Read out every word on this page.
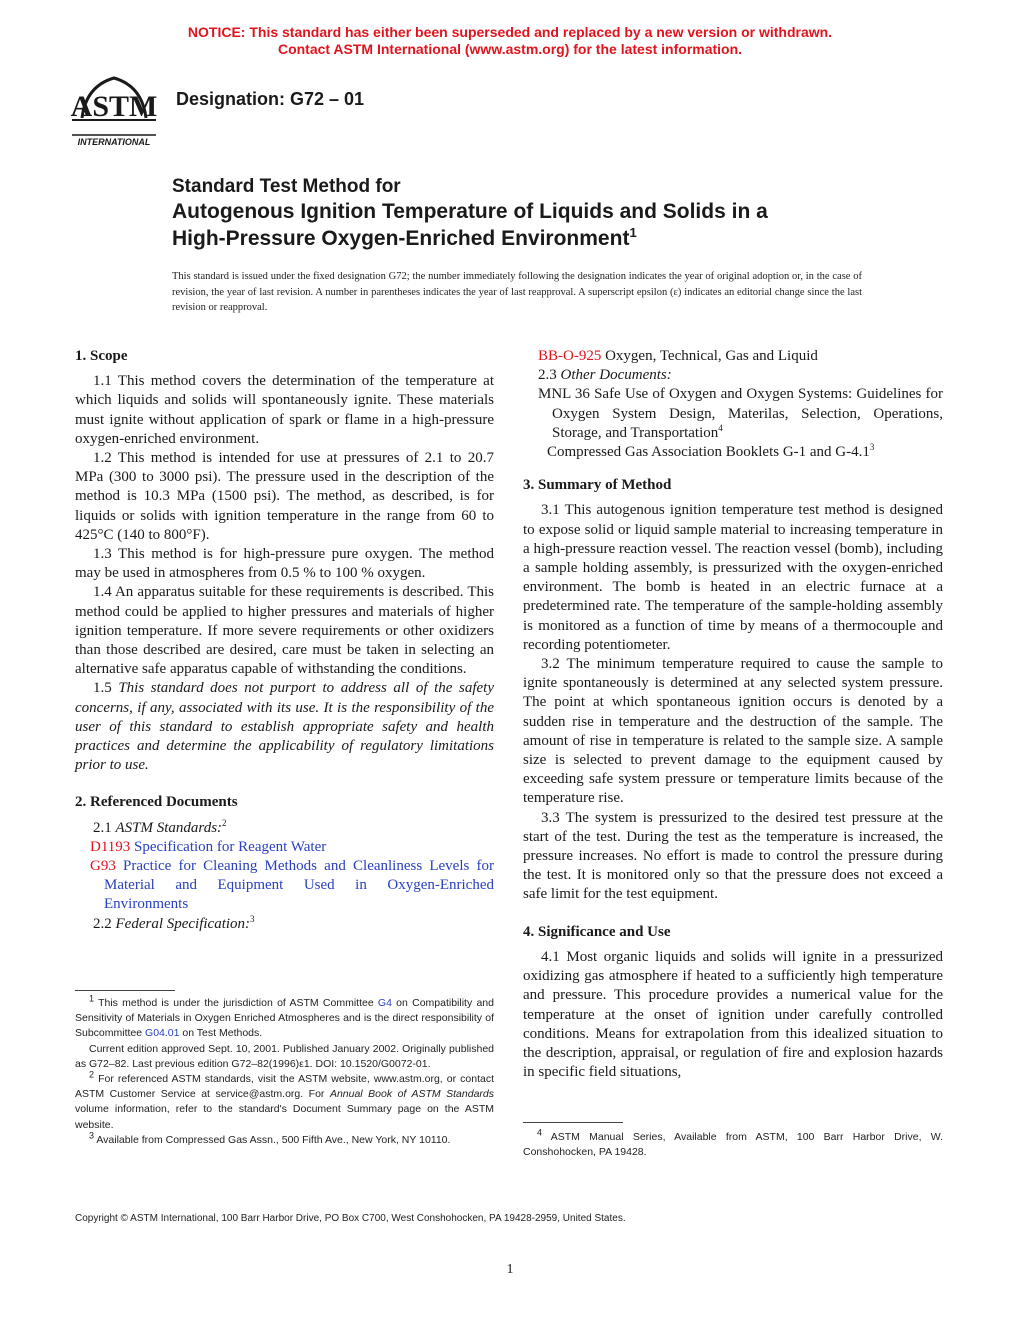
NOTICE: This standard has either been superseded and replaced by a new version or withdrawn.
Contact ASTM International (www.astm.org) for the latest information.
ASTM
INTERNATIONAL
Designation: G72 – 01
Standard Test Method for
Autogenous Ignition Temperature of Liquids and Solids in a
High-Pressure Oxygen-Enriched Environment$^1$
This standard is issued under the fixed designation G72; the number immediately following the designation indicates the year of original adoption or, in the case of revision, the year of last revision. A number in parentheses indicates the year of last reapproval. A superscript epsilon (ε) indicates an editorial change since the last revision or reapproval.

1. Scope

1.1 This method covers the determination of the temperature at which liquids and solids will spontaneously ignite. These materials must ignite without application of spark or flame in a high-pressure oxygen-enriched environment.

1.2 This method is intended for use at pressures of 2.1 to 20.7 MPa (300 to 3000 psi). The pressure used in the description of the method is 10.3 MPa (1500 psi). The method, as described, is for liquids or solids with ignition temperature in the range from 60 to 425°C (140 to 800°F).

1.3 This method is for high-pressure pure oxygen. The method may be used in atmospheres from 0.5 % to 100 % oxygen.

1.4 An apparatus suitable for these requirements is described. This method could be applied to higher pressures and materials of higher ignition temperature. If more severe requirements or other oxidizers than those described are desired, care must be taken in selecting an alternative safe apparatus capable of withstanding the conditions.

1.5 This standard does not purport to address all of the safety concerns, if any, associated with its use. It is the responsibility of the user of this standard to establish appropriate safety and health practices and determine the applicability of regulatory limitations prior to use.

2. Referenced Documents

2.1 ASTM Standards:$^2$

D1193 Specification for Reagent Water

G93 Practice for Cleaning Methods and Cleanliness Levels for Material and Equipment Used in Oxygen-Enriched Environments

2.2 Federal Specification:$^3$

BB-O-925 Oxygen, Technical, Gas and Liquid

2.3 Other Documents:

MNL 36 Safe Use of Oxygen and Oxygen Systems: Guidelines for Oxygen System Design, Materilas, Selection, Operations, Storage, and Transportation$^4$

Compressed Gas Association Booklets G-1 and $G-4.1^3$

3. Summary of Method

3.1 This autogenous ignition temperature test method is designed to expose solid or liquid sample material to increasing temperature in a high-pressure reaction vessel. The reaction vessel (bomb), including a sample holding assembly, is pressurized with the oxygen-enriched environment. The bomb is heated in an electric furnace at a predetermined rate. The temperature of the sample-holding assembly is monitored as a function of time by means of a thermocouple and recording potentiometer.

3.2 The minimum temperature required to cause the sample to ignite spontaneously is determined at any selected system pressure. The point at which spontaneous ignition occurs is denoted by a sudden rise in temperature and the destruction of the sample. The amount of rise in temperature is related to the sample size. A sample size is selected to prevent damage to the equipment caused by exceeding safe system pressure or temperature limits because of the temperature rise.

3.3 The system is pressurized to the desired test pressure at the start of the test. During the test as the temperature is increased, the pressure increases. No effort is made to control the pressure during the test. It is monitored only so that the pressure does not exceed a safe limit for the test equipment.

4. Significance and Use

4.1 Most organic liquids and solids will ignite in a pressurized oxidizing gas atmosphere if heated to a sufficiently high temperature and pressure. This procedure provides a numerical value for the temperature at the onset of ignition under carefully controlled conditions. Means for extrapolation from this idealized situation to the description, appraisal, or regulation of fire and explosion hazards in specific field situations,

$^1$ This method is under the jurisdiction of ASTM Committee G4 on Compatibility and Sensitivity of Materials in Oxygen Enriched Atmospheres and is the direct responsibility of Subcommittee G04.01 on Test Methods.

Current edition approved Sept. 10, 2001. Published January 2002. Originally published as G72–82. Last previous edition G72–82(1996)ε1. DOI: 10.1520/G0072-01.

$^2$ For referenced ASTM standards, visit the ASTM website, www.astm.org, or contact ASTM Customer Service at service@astm.org. For Annual Book of ASTM Standards volume information, refer to the standard's Document Summary page on the ASTM website.

$^3$ Available from Compressed Gas Assn., 500 Fifth Ave., New York, NY 10110.

$^4$ ASTM Manual Series, Available from ASTM, 100 Barr Harbor Drive, W. Conshohocken, PA 19428.

Copyright © ASTM International, 100 Barr Harbor Drive, PO Box C700, West Conshohocken, PA 19428-2959, United States.
1
